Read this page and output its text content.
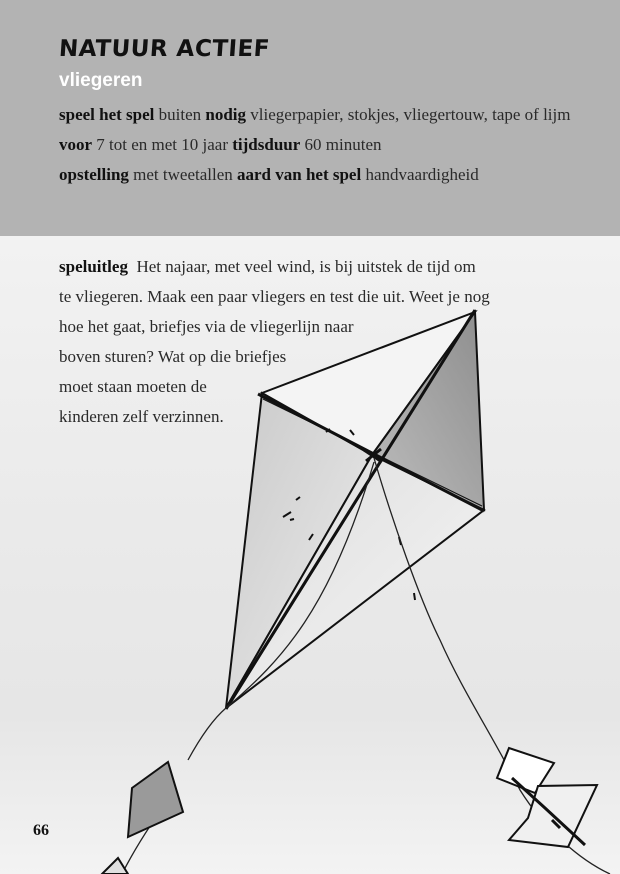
NATUUR ACTIEF
vliegeren

speel het spel buiten nodig vliegerpapier, stokjes, vliegertouw, tape of lijm voor 7 tot en met 10 jaar tijdsduur 60 minuten
opstelling met tweetallen aard van het spel handvaardigheid

speluitleg Het najaar, met veel wind, is bij uitstek de tijd om
te vliegeren. Maak een paar vliegers en test die uit. Weet je nog
hoe het gaat, briefjes via de vliegerlijn naar
boven sturen? Wat op die briefjes
moet staan moeten de
kinderen zelf verzinnen.

66
